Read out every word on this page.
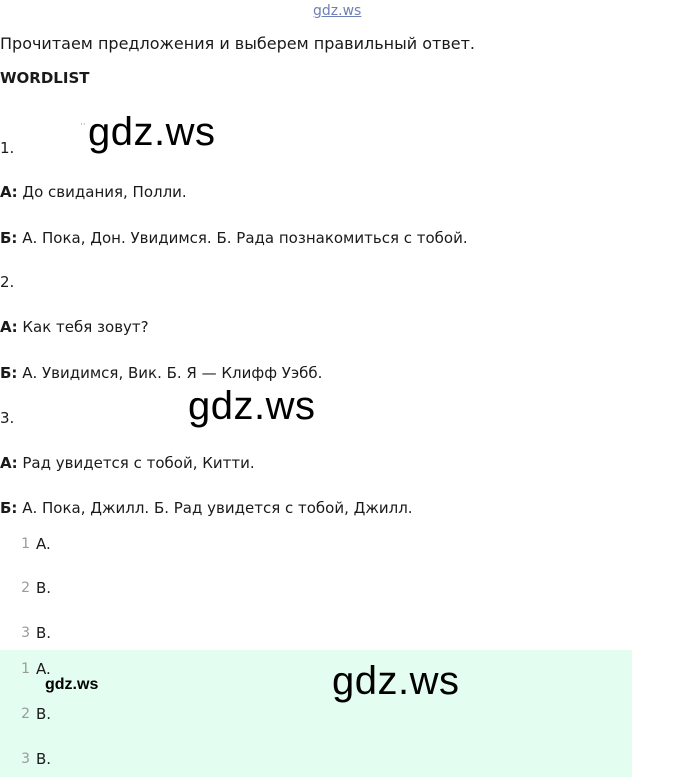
gdz.ws
Прочитаем предложения и выберем правильный ответ.
WORDLIST
·· gdz.ws
1.
А: До свидания, Полли.
Б: А. Пока, Дон. Увидимся. Б. Рада познакомиться с тобой.
2.
А: Как тебя зовут?
Б: А. Увидимся, Вик. Б. Я — Клифф Уэбб.
gdz.ws
3.
А: Рад увидется с тобой, Китти.
Б: А. Пока, Джилл. Б. Рад увидется с тобой, Джилл.
1 A.
2 B.
3 B.
1 A.
2 B.
3 B.
gdz.ws	gdz.ws
